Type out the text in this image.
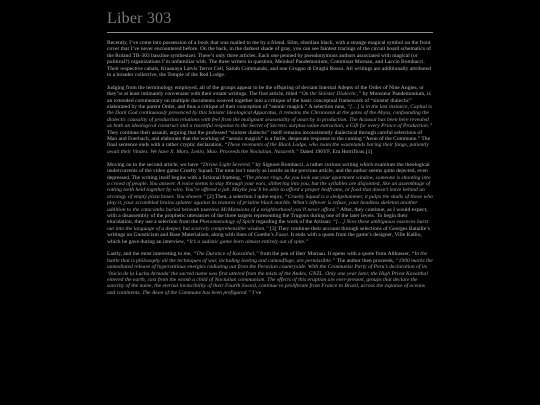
Liber 303

Recently, I’ve come into possession of a book that was mailed to me by a friend. Slim, obsidian black, with a strange magical symbol on the front cover that I’ve never encountered before. On the back, in the darkest shade of gray, you can see faintest tracings of the circuit board schematics of the Roland TB-303 bassline synthesizer. There’s only three articles. Each one penned by pseudonymous authors associated with magical (or political?) organizations I’m unfamiliar with. The three writers in question, Meinhof Pandemonium, Commisar Murnau, and Laccio Bombacci. Their respective cabals, Kraanaya Latvis Terror Cell, Saloth Commando, and one Gruppo di Draghi Rosso. All writings are additionally attributed to a broader collective, the Temple of the Red Lodge.

Judging from the terminology employed, all of the groups appear to be the offspring of deviant Internal Adepts of the Order of Nine Angles, or they’re at least intimately conversant with their extant writings. The first article, titled “On the Sinister Dialectic,” by Monsieur Pandemonium, is an extended commentary on multiple documents weaved together into a critique of the basic conceptual framework of “sinister dialectic” elaborated by the parent Order, and thus a critique of their conception of “aeonic magick.” A selection runs, “[…] is in the last instance, Capital is the Dark God continuously presenced by this Sinister Ideological Apparatus, it remains the Chronozon at the gates of the Abyss, confounding the dialectic causality of production relations with feel from the malignant seasonality of anarchy in production. The Acausal has been here revealed as both an ideological construct and a resentful response to the Secret of Secrets: surplus-value extraction, a Gift for every Prince of Production.” They continue their assault, arguing that the professed “sinister dialectic” itself remains inconsistently dialectical through careful selections of Mao and Fuerbach, and elaborate that the working of “aeonic magick” is a futile, desperate response to the coming “Aeon of the Commune.” The final sentence ends with a rather cryptic declaration, “These revenants of the Black Lodge, who roam the wastelands baring their fangs, patiently await their Vindex. We have X. Marx, Lenin, Mao. Proceeds the Noctulian, Nazareth.” Dated 196YF, Era Horrificus.[1]

Moving on to the second article, we have “Divine Light Severed,” by Signore Bombacci, a rather curious writing which examines the theological undercurrents of the video game Cruelty Squad. The tone isn’t nearly as hostile as the previous article, and the author seems quite dejected, even depressed. The writing itself begins with a fictional framing, “The phone rings. As you look out your apartment window, someone is shooting into a crowd of people. You answer. A voice seems to stay through your ears, slithering into you, but the syllables are disjointed, like an assemblage of rotting teeth held together by wire. You’re offered a job. Maybe you’ll be able to afford a proper bedframe, or food that doesn’t leave behind an arcology of empty pizza boxes. You shower.” [2] Then, a selection I quite enjoy, “Cruelty Squad is a sledgehammer, it pulps the skulls of those who play it, your scrambled brains splatter against its textures of pristine black marble. What’s leftover is refuse, your headless skeleton another addition to the catacombs buried beneath tasteless McMansions of a neighborhood you’ll never afford.” After, they continue, as I would expect, with a disassembly of the prophetic utterances of the three targets representing the Trugons during one of the later levels. To begin their elucidation, they use a selection from the Phenomenology of Spirit regarding the work of the Artisan: “[…] Now these ambiguous essences burst out into the language of a deeper, but scarcely comprehensible wisdom.” [3] They continue their account through selections of Georges Bataille’s writings on Gnosticism and Base Materialism, along with lines of Goethe’s Faust. It ends with a quote from the game’s designer, Ville Kallio, which he gave during an interview, “It’s a sadistic game born almost entirely out of spite.”

Lastly, and the most interesting to me, “The Durance of Kavaithal,” from the pen of Herr Murnau. It opens with a quote from Althusser, “In the battle that is philosophy all the techniques of war, including looting and camouflage, are permissible.” The author then proceeds, “1900 marks the unmediated release of hyperstitious energies radiating out from the Peruvian countryside. With the Communist Party of Peru’s declaration of its ‘Inicio de la Lucha Armada’ the sacred name was first uttered from the mists of the Andes, GNZL. Only one year later, the High Priest Kavaithal entered the earth, cast from the womb a child of Noctulian communism. The effects of this eruption are ever-present, groups that declare the sanctity of the name, the eternal invincibility of their Fourth Sword, continue to proliferate from France to Brazil, across the expanse of oceans and continents. The Aeon of the Commune has been prefigured.” I’ve
